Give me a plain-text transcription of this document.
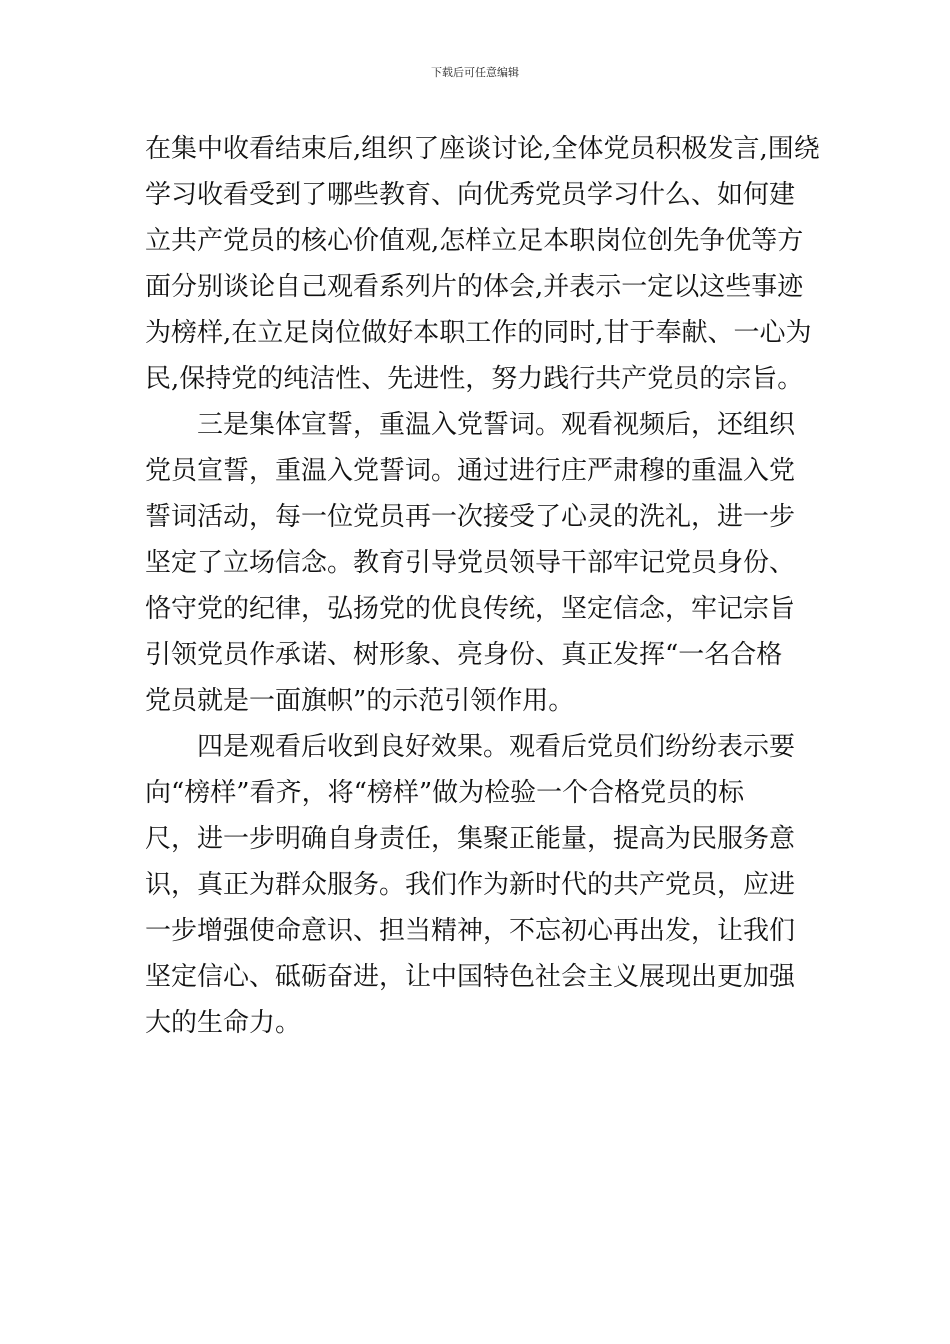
下载后可任意编辑
在集中收看结束后,组织了座谈讨论,全体党员积极发言,围绕
学习收看受到了哪些教育、向优秀党员学习什么、如何建
立共产党员的核心价值观,怎样立足本职岗位创先争优等方
面分别谈论自己观看系列片的体会,并表示一定以这些事迹
为榜样,在立足岗位做好本职工作的同时,甘于奉献、一心为
民,保持党的纯洁性、先进性，努力践行共产党员的宗旨。
三是集体宣誓，重温入党誓词。观看视频后，还组织
党员宣誓，重温入党誓词。通过进行庄严肃穆的重温入党
誓词活动，每一位党员再一次接受了心灵的洗礼，进一步
坚定了立场信念。教育引导党员领导干部牢记党员身份、
恪守党的纪律，弘扬党的优良传统，坚定信念，牢记宗旨
引领党员作承诺、树形象、亮身份、真正发挥“一名合格
党员就是一面旗帜”的示范引领作用。
四是观看后收到良好效果。观看后党员们纷纷表示要
向“榜样”看齐，将“榜样”做为检验一个合格党员的标
尺，进一步明确自身责任，集聚正能量，提高为民服务意
识，真正为群众服务。我们作为新时代的共产党员，应进
一步增强使命意识、担当精神，不忘初心再出发，让我们
坚定信心、砥砺奋进，让中国特色社会主义展现出更加强
大的生命力。
